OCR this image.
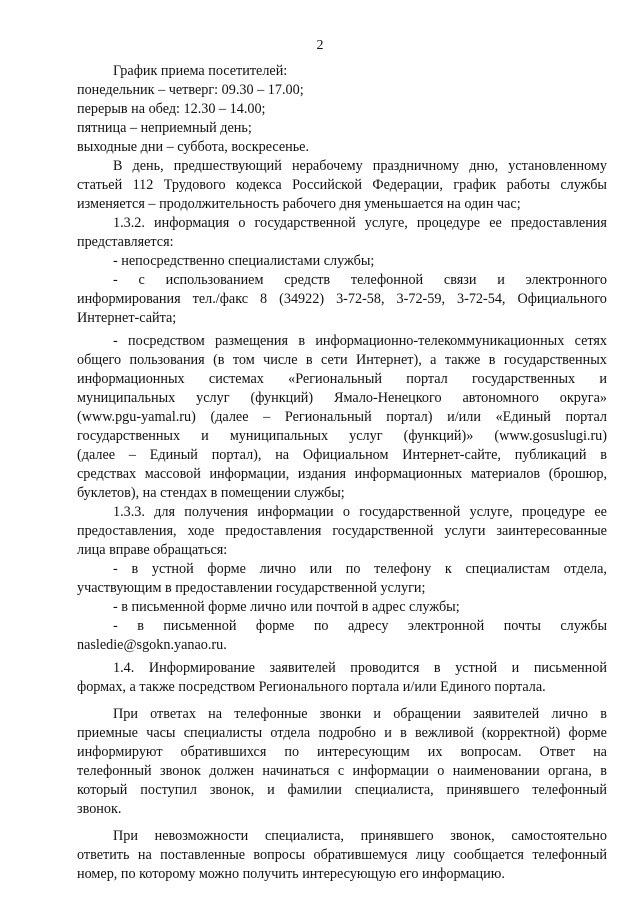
2
График приема посетителей:
понедельник – четверг: 09.30 – 17.00;
перерыв на обед: 12.30 – 14.00;
пятница – неприемный день;
выходные дни – суббота, воскресенье.
В день, предшествующий нерабочему праздничному дню, установленному
статьей 112 Трудового кодекса Российской Федерации, график работы службы
изменяется – продолжительность рабочего дня уменьшается на один час;
1.3.2. информация о государственной услуге, процедуре ее предоставления
представляется:
- непосредственно специалистами службы;
- с использованием средств телефонной связи и электронного
информирования тел./факс 8 (34922) 3-72-58, 3-72-59, 3-72-54, Официального
Интернет-сайта;
- посредством размещения в информационно-телекоммуникационных сетях
общего пользования (в том числе в сети Интернет), а также в государственных
информационных системах «Региональный портал государственных и
муниципальных услуг (функций) Ямало-Ненецкого автономного округа»
(www.pgu-yamal.ru) (далее – Региональный портал) и/или «Единый портал
государственных и муниципальных услуг (функций)» (www.gosuslugi.ru)
(далее – Единый портал), на Официальном Интернет-сайте, публикаций в
средствах массовой информации, издания информационных материалов (брошюр,
буклетов), на стендах в помещении службы;
1.3.3. для получения информации о государственной услуге, процедуре ее
предоставления, ходе предоставления государственной услуги заинтересованные
лица вправе обращаться:
- в устной форме лично или по телефону к специалистам отдела,
участвующим в предоставлении государственной услуги;
- в письменной форме лично или почтой в адрес службы;
- в письменной форме по адресу электронной почты службы
nasledie@sgokn.yanao.ru.
1.4. Информирование заявителей проводится в устной и письменной
формах, а также посредством Регионального портала и/или Единого портала.
При ответах на телефонные звонки и обращении заявителей лично в
приемные часы специалисты отдела подробно и в вежливой (корректной) форме
информируют обратившихся по интересующим их вопросам. Ответ на
телефонный звонок должен начинаться с информации о наименовании органа, в
который поступил звонок, и фамилии специалиста, принявшего телефонный
звонок.
При невозможности специалиста, принявшего звонок, самостоятельно
ответить на поставленные вопросы обратившемуся лицу сообщается телефонный
номер, по которому можно получить интересующую его информацию.
